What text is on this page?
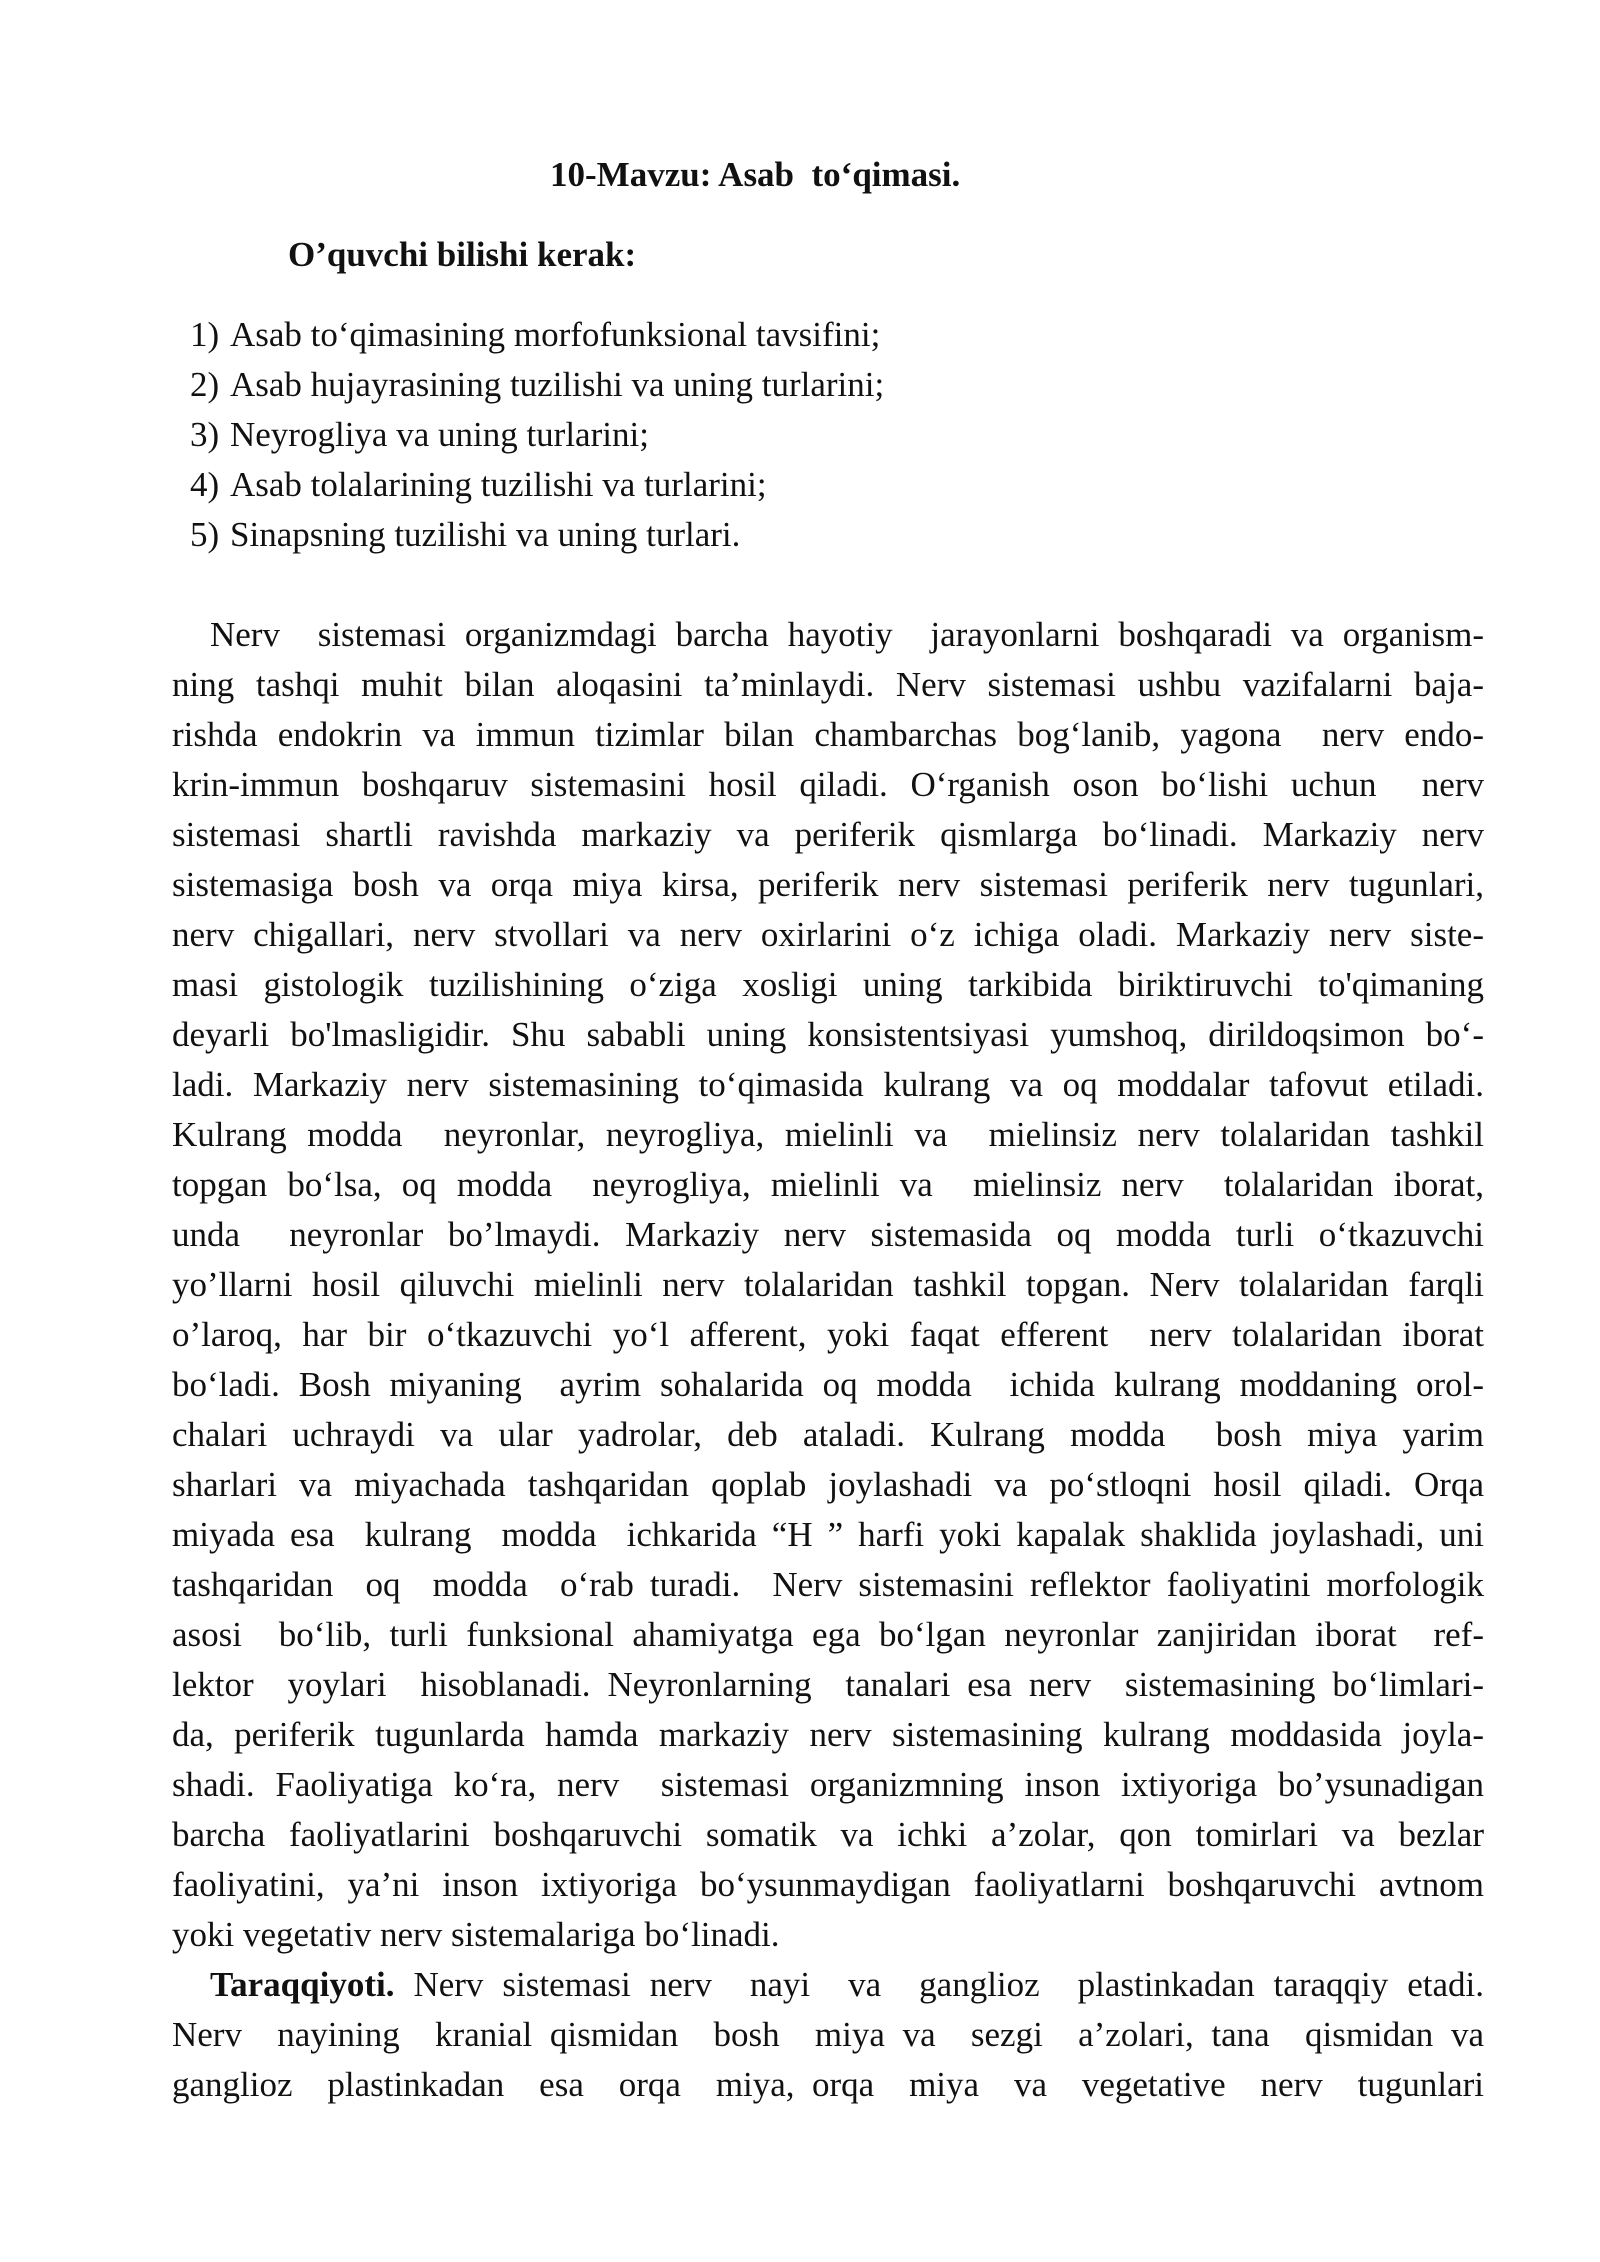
10-Mavzu: Asab  to‘qimasi.
O’quvchi bilishi kerak:
1) Asab to‘qimasining morfofunksional tavsifini;
2) Asab hujayrasining tuzilishi va uning turlarini;
3) Neyrogliya va uning turlarini;
4) Asab tolalarining tuzilishi va turlarini;
5) Sinapsning tuzilishi va uning turlari.
Nerv  sistemasi organizmdagi barcha hayotiy  jarayonlarni boshqaradi va organism-
ning tashqi muhit bilan aloqasini ta’minlaydi. Nerv sistemasi ushbu vazifalarni baja-
rishda endokrin va immun tizimlar bilan chambarchas bog‘lanib, yagona  nerv endo-
krin-immun boshqaruv sistemasini hosil qiladi. O‘rganish oson bo‘lishi uchun  nerv
sistemasi shartli ravishda markaziy va periferik qismlarga bo‘linadi. Markaziy nerv
sistemasiga bosh va orqa miya kirsa, periferik nerv sistemasi periferik nerv tugunlari,
nerv chigallari, nerv stvollari va nerv oxirlarini o‘z ichiga oladi. Markaziy nerv siste-
masi gistologik tuzilishining o‘ziga xosligi uning tarkibida biriktiruvchi to'qimaning
deyarli bo'lmasligidir. Shu sababli uning konsistentsiyasi yumshoq, dirildoqsimon bo‘-
ladi. Markaziy nerv sistemasining to‘qimasida kulrang va oq moddalar tafovut etiladi.
Kulrang modda  neyronlar, neyrogliya, mielinli va  mielinsiz nerv tolalaridan tashkil
topgan bo‘lsa, oq modda  neyrogliya, mielinli va  mielinsiz nerv  tolalaridan iborat,
unda  neyronlar bo’lmaydi. Markaziy nerv sistemasida oq modda turli o‘tkazuvchi
yo’llarni hosil qiluvchi mielinli nerv tolalaridan tashkil topgan. Nerv tolalaridan farqli
o’laroq, har bir o‘tkazuvchi yo‘l afferent, yoki faqat efferent  nerv tolalaridan iborat
bo‘ladi. Bosh miyaning  ayrim sohalarida oq modda  ichida kulrang moddaning orol-
chalari uchraydi va ular yadrolar, deb ataladi. Kulrang modda  bosh miya yarim
sharlari va miyachada tashqaridan qoplab joylashadi va po‘stloqni hosil qiladi. Orqa
miyada esa  kulrang  modda  ichkarida “H ” harfi yoki kapalak shaklida joylashadi, uni
tashqaridan  oq  modda  o‘rab turadi.  Nerv sistemasini reflektor faoliyatini morfologik
asosi  bo‘lib, turli funksional ahamiyatga ega bo‘lgan neyronlar zanjiridan iborat  ref-
lektor  yoylari  hisoblanadi. Neyronlarning  tanalari esa nerv  sistemasining bo‘limlari-
da, periferik tugunlarda hamda markaziy nerv sistemasining kulrang moddasida joyla-
shadi. Faoliyatiga ko‘ra, nerv  sistemasi organizmning inson ixtiyoriga bo’ysunadigan
barcha faoliyatlarini boshqaruvchi somatik va ichki a’zolar, qon tomirlari va bezlar
faoliyatini, ya’ni inson ixtiyoriga bo‘ysunmaydigan faoliyatlarni boshqaruvchi avtnom
yoki vegetativ nerv sistemalariga bo‘linadi.
Taraqqiyoti. Nerv sistemasi nerv  nayi  va  ganglioz  plastinkadan taraqqiy etadi.
Nerv  nayining  kranial qismidan  bosh  miya va  sezgi  a’zolari, tana  qismidan va
ganglioz  plastinkadan  esa  orqa  miya, orqa  miya  va  vegetative  nerv  tugunlari
